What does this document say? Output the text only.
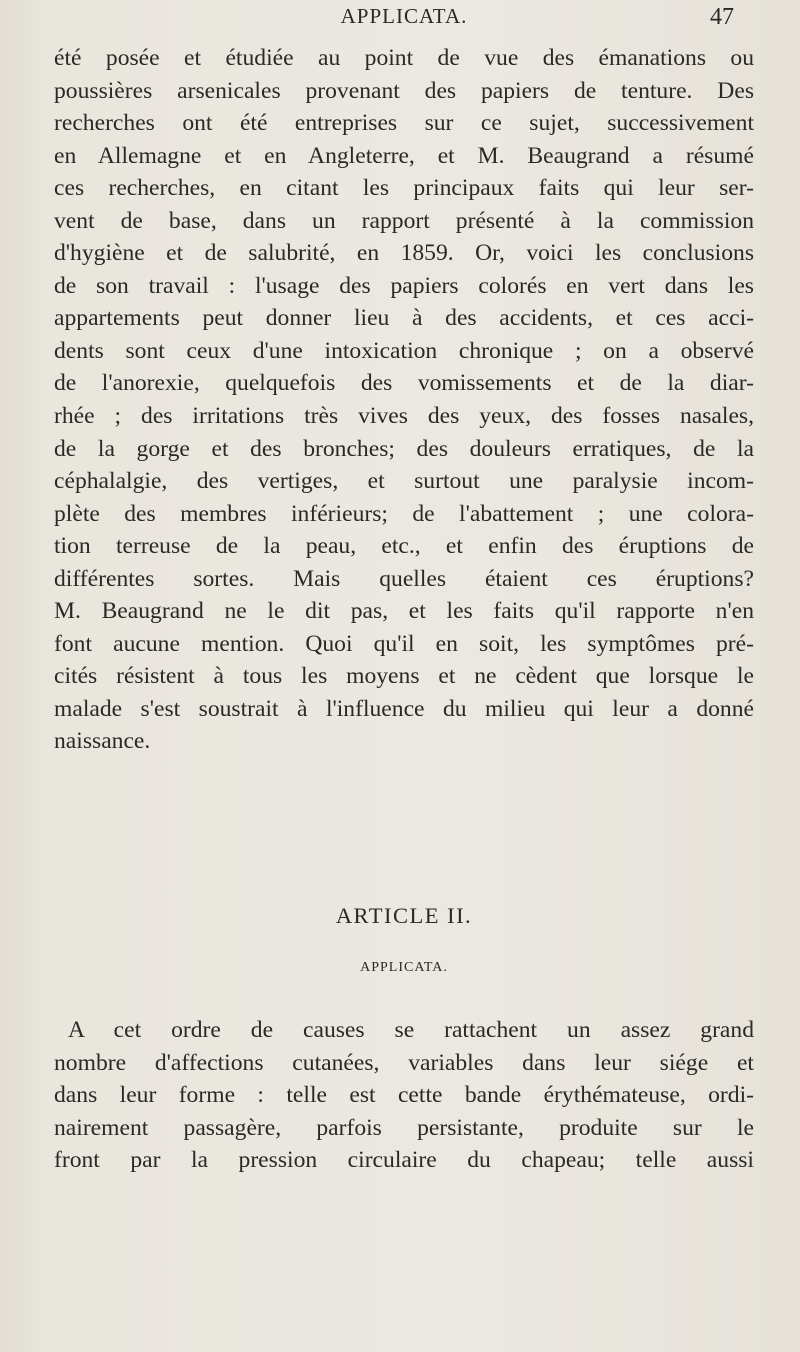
APPLICATA.	47
été posée et étudiée au point de vue des émanations ou
poussières arsenicales provenant des papiers de tenture. Des
recherches ont été entreprises sur ce sujet, successivement
en Allemagne et en Angleterre, et M. Beaugrand a résumé
ces recherches, en citant les principaux faits qui leur ser-
vent de base, dans un rapport présenté à la commission
d'hygiène et de salubrité, en 1859. Or, voici les conclusions
de son travail : l'usage des papiers colorés en vert dans les
appartements peut donner lieu à des accidents, et ces acci-
dents sont ceux d'une intoxication chronique ; on a observé
de l'anorexie, quelquefois des vomissements et de la diar-
rhée ; des irritations très vives des yeux, des fosses nasales,
de la gorge et des bronches; des douleurs erratiques, de la
céphalalgie, des vertiges, et surtout une paralysie incom-
plète des membres inférieurs; de l'abattement ; une colora-
tion terreuse de la peau, etc., et enfin des éruptions de
différentes sortes. Mais quelles étaient ces éruptions?
M. Beaugrand ne le dit pas, et les faits qu'il rapporte n'en
font aucune mention. Quoi qu'il en soit, les symptômes pré-
cités résistent à tous les moyens et ne cèdent que lorsque le
malade s'est soustrait à l'influence du milieu qui leur a donné
naissance.
ARTICLE II.
APPLICATA.
A cet ordre de causes se rattachent un assez grand
nombre d'affections cutanées, variables dans leur siége et
dans leur forme : telle est cette bande érythémateuse, ordi-
nairement passagère, parfois persistante, produite sur le
front par la pression circulaire du chapeau; telle aussi
